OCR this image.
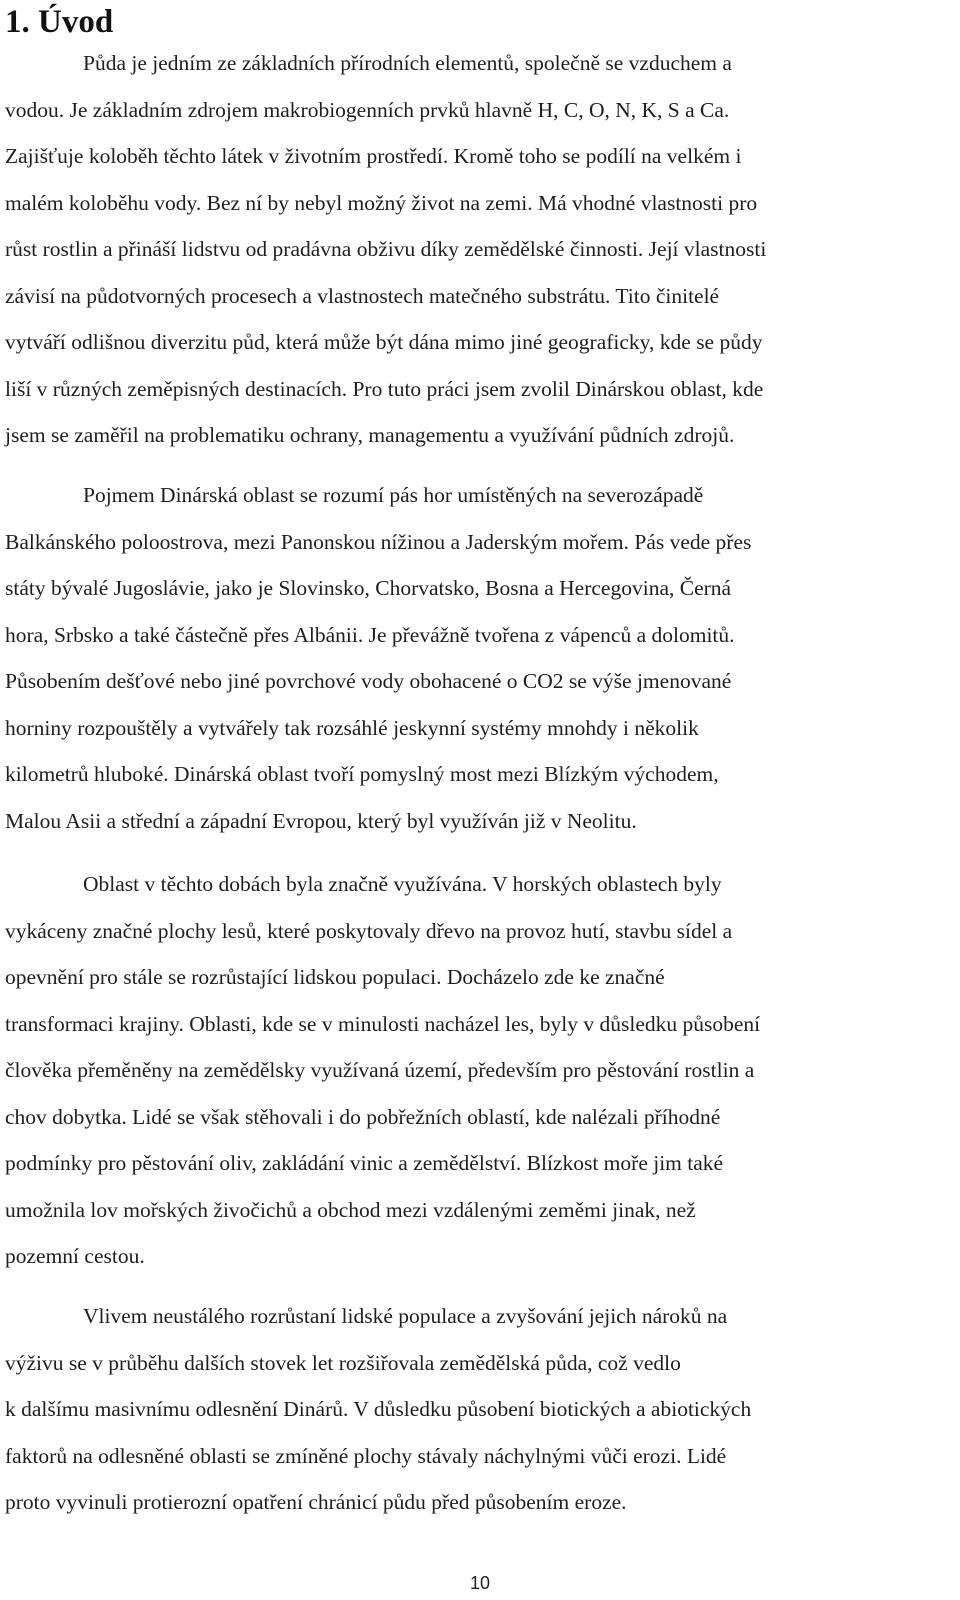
1. Úvod
Půda je jedním ze základních přírodních elementů, společně se vzduchem a
vodou. Je základním zdrojem makrobiogenních prvků hlavně H, C, O, N, K, S a Ca.
Zajišťuje koloběh těchto látek v životním prostředí. Kromě toho se podílí na velkém i
malém koloběhu vody. Bez ní by nebyl možný život na zemi. Má vhodné vlastnosti pro
růst rostlin a přináší lidstvu od pradávna obživu díky zemědělské činnosti. Její vlastnosti
závisí na půdotvorných procesech a vlastnostech matečného substrátu. Tito činitelé
vytváří odlišnou diverzitu půd, která může být dána mimo jiné geograficky, kde se půdy
liší v různých zeměpisných destinacích. Pro tuto práci jsem zvolil Dinárskou oblast, kde
jsem se zaměřil na problematiku ochrany, managementu a využívání půdních zdrojů.
Pojmem Dinárská oblast se rozumí pás hor umístěných na severozápadě
Balkánského poloostrova, mezi Panonskou nížinou a Jaderským mořem. Pás vede přes
státy bývalé Jugoslávie, jako je Slovinsko, Chorvatsko, Bosna a Hercegovina, Černá
hora, Srbsko a také částečně přes Albánii. Je převážně tvořena z vápenců a dolomitů.
Působením dešťové nebo jiné povrchové vody obohacené o CO2 se výše jmenované
horniny rozpouštěly a vytvářely tak rozsáhlé jeskynní systémy mnohdy i několik
kilometrů hluboké. Dinárská oblast tvoří pomyslný most mezi Blízkým východem,
Malou Asii a střední a západní Evropou, který byl využíván již v Neolitu.
Oblast v těchto dobách byla značně využívána. V horských oblastech byly
vykáceny značné plochy lesů, které poskytovaly dřevo na provoz hutí, stavbu sídel a
opevnění pro stále se rozrůstající lidskou populaci. Docházelo zde ke značné
transformaci krajiny. Oblasti, kde se v minulosti nacházel les, byly v důsledku působení
člověka přeměněny na zemědělsky využívaná území, především pro pěstování rostlin a
chov dobytka. Lidé se však stěhovali i do pobřežních oblastí, kde nalézali příhodné
podmínky pro pěstování oliv, zakládání vinic a zemědělství. Blízkost moře jim také
umožnila lov mořských živočichů a obchod mezi vzdálenými zeměmi jinak, než
pozemní cestou.
Vlivem neustálého rozrůstaní lidské populace a zvyšování jejich nároků na
výživu se v průběhu dalších stovek let rozšiřovala zemědělská půda, což vedlo
k dalšímu masivnímu odlesnění Dinárů. V důsledku působení biotických a abiotických
faktorů na odlesněné oblasti se zmíněné plochy stávaly náchylnými vůči erozi. Lidé
proto vyvinuli protierozní opatření chránicí půdu před působením eroze.
10
